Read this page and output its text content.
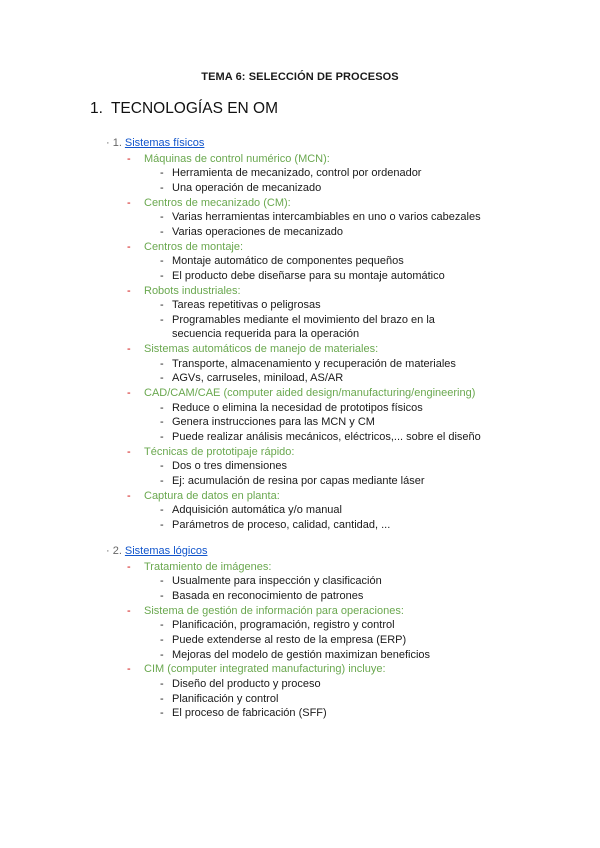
TEMA 6: SELECCIÓN DE PROCESOS
1. TECNOLOGÍAS EN OM
· 1. Sistemas físicos
- Máquinas de control numérico (MCN):
- Herramienta de mecanizado, control por ordenador
- Una operación de mecanizado
- Centros de mecanizado (CM):
- Varias herramientas intercambiables en uno o varios cabezales
- Varias operaciones de mecanizado
- Centros de montaje:
- Montaje automático de componentes pequeños
- El producto debe diseñarse para su montaje automático
- Robots industriales:
- Tareas repetitivas o peligrosas
- Programables mediante el movimiento del brazo en la
secuencia requerida para la operación
- Sistemas automáticos de manejo de materiales:
- Transporte, almacenamiento y recuperación de materiales
- AGVs, carruseles, miniload, AS/AR
- CAD/CAM/CAE (computer aided design/manufacturing/engineering)
- Reduce o elimina la necesidad de prototipos físicos
- Genera instrucciones para las MCN y CM
- Puede realizar análisis mecánicos, eléctricos,... sobre el diseño
- Técnicas de prototipaje rápido:
- Dos o tres dimensiones
- Ej: acumulación de resina por capas mediante láser
- Captura de datos en planta:
- Adquisición automática y/o manual
- Parámetros de proceso, calidad, cantidad, ...
· 2. Sistemas lógicos
- Tratamiento de imágenes:
- Usualmente para inspección y clasificación
- Basada en reconocimiento de patrones
- Sistema de gestión de información para operaciones:
- Planificación, programación, registro y control
- Puede extenderse al resto de la empresa (ERP)
- Mejoras del modelo de gestión maximizan beneficios
- CIM (computer integrated manufacturing) incluye:
- Diseño del producto y proceso
- Planificación y control
- El proceso de fabricación (SFF)
